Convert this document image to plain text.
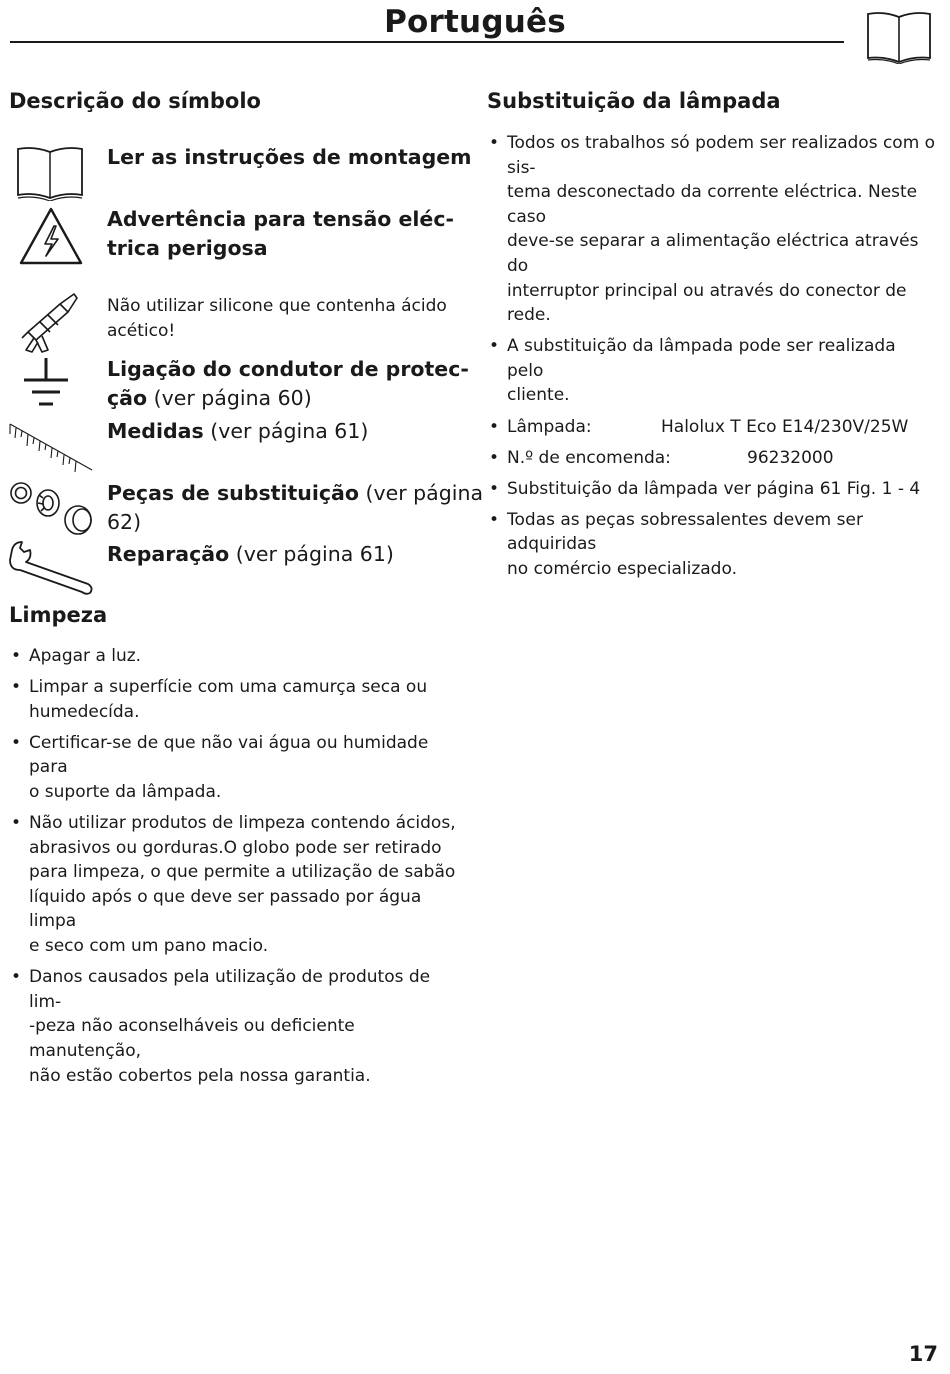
Português
Descrição do símbolo
Ler as instruções de montagem
Advertência para tensão eléc-
trica perigosa
Não utilizar silicone que contenha ácido
acético!
Ligação do condutor de protec-
ção (ver página 60)
Medidas (ver página 61)
Peças de substituição (ver página
62)
Reparação (ver página 61)
Limpeza
• Apagar a luz.
• Limpar a superfície com uma camurça seca ou
humedecída.
• Certificar-se de que não vai água ou humidade para
o suporte da lâmpada.
• Não utilizar produtos de limpeza contendo ácidos,
abrasivos ou gorduras.O globo pode ser retirado
para limpeza, o que permite a utilização de sabão
líquido após o que deve ser passado por água limpa
e seco com um pano macio.
• Danos causados pela utilização de produtos de lim-
-peza não aconselháveis ou deficiente manutenção,
não estão cobertos pela nossa garantia.
Substituição da lâmpada
• Todos os trabalhos só podem ser realizados com o sis-
tema desconectado da corrente eléctrica. Neste caso
deve-se separar a alimentação eléctrica através do
interruptor principal ou através do conector de rede.
• A substituição da lâmpada pode ser realizada pelo
cliente.
• Lâmpada:	Halolux T Eco E14/230V/25W
• N.º de encomenda:	96232000
• Substituição da lâmpada ver página 61 Fig. 1 - 4
• Todas as peças sobressalentes devem ser adquiridas
no comércio especializado.
17
